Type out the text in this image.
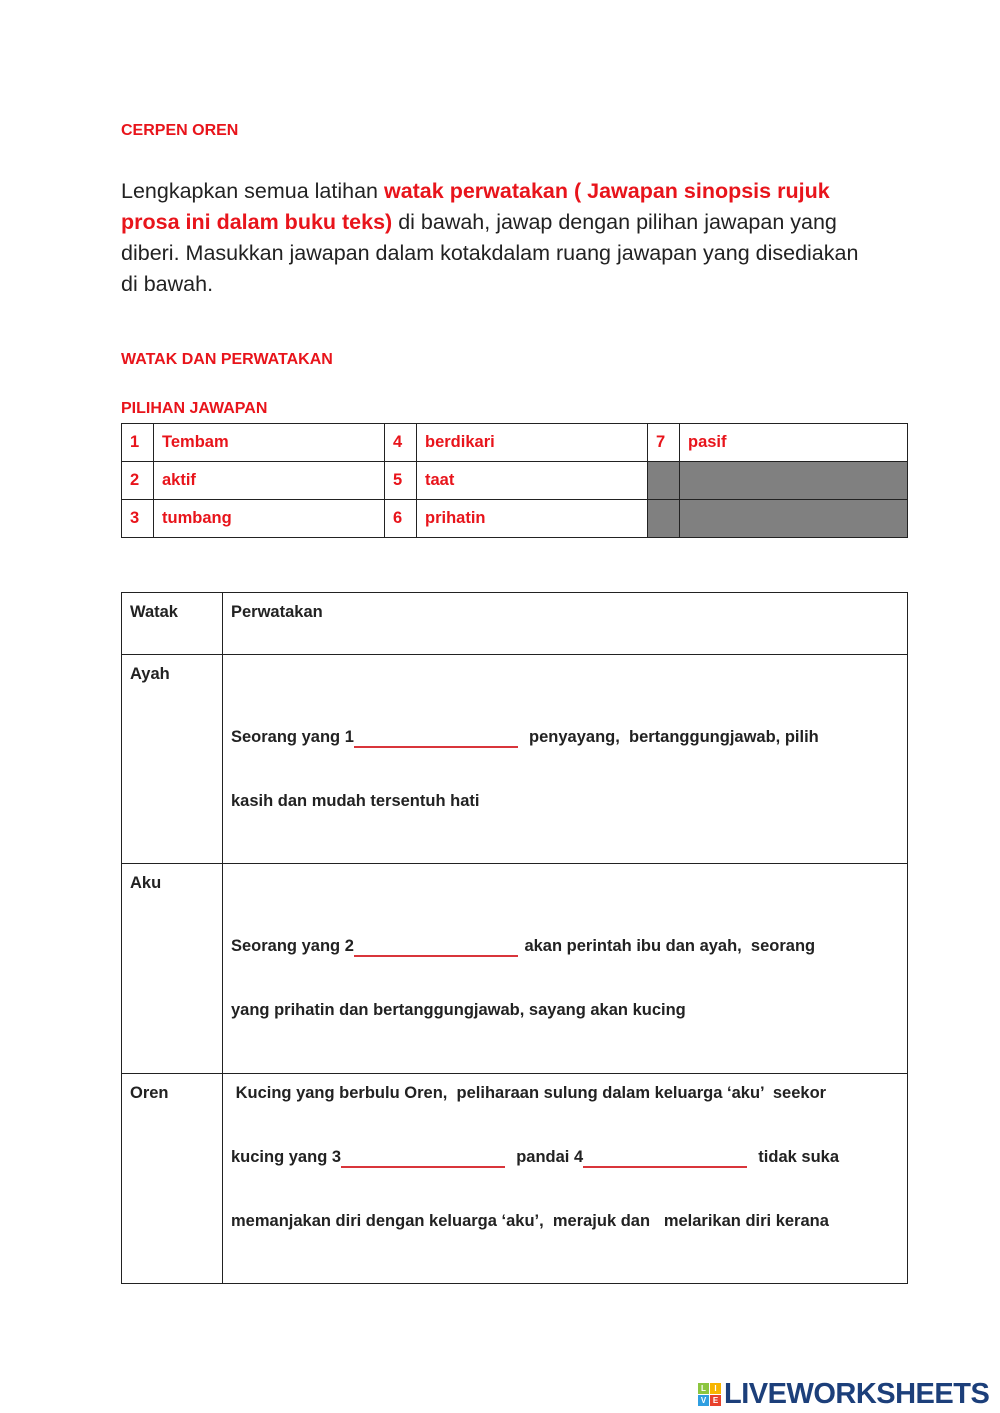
CERPEN OREN
Lengkapkan semua latihan watak perwatakan ( Jawapan sinopsis rujuk prosa ini dalam buku teks) di bawah, jawap dengan pilihan jawapan yang diberi. Masukkan jawapan dalam kotakdalam ruang jawapan yang disediakan di bawah.
WATAK DAN PERWATAKAN
PILIHAN JAWAPAN
1	Tembam	4	berdikari	7	pasif
2	aktif	5	taat		
3	tumbang	6	prihatin		
Watak	Perwatakan
Ayah	Seorang yang 1 penyayang,  bertanggungjawab, pilih
kasih dan mudah tersentuh hati

Aku	Seorang yang 2 akan perintah ibu dan ayah,  seorang
yang prihatin dan bertanggungjawab, sayang akan kucing

Oren	Kucing yang berbulu Oren,  peliharaan sulung dalam keluarga ‘aku’  seekor
kucing yang 3 pandai 4 tidak suka
memanjakan diri dengan keluarga ‘aku’,  merajuk dan   melarikan diri kerana
L	I
V E LIVEWORKSHEETS
